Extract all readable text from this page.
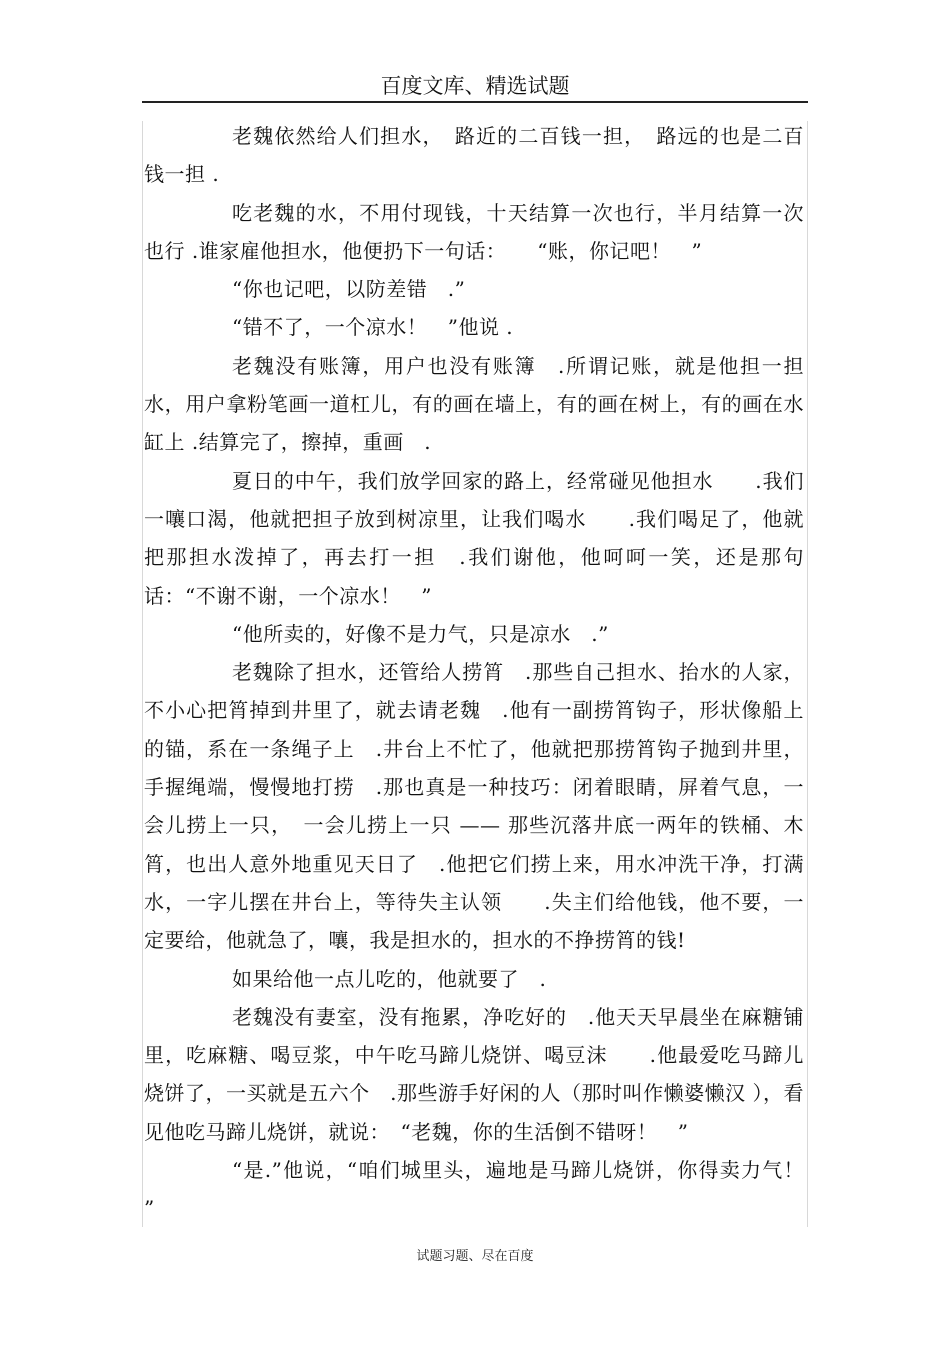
百度文库、精选试题

老魏依然给人们担水，　路近的二百钱一担，　路远的也是二百钱一担 .

吃老魏的水，不用付现钱，十天结算一次也行，半月结算一次也行 .谁家雇他担水，他便扔下一句话：　　“账，你记吧！　”

“你也记吧，以防差错　.”

“错不了，一个凉水！　”他说 .

老魏没有账簿，用户也没有账簿　.所谓记账，就是他担一担水，用户拿粉笔画一道杠儿，有的画在墙上，有的画在树上，有的画在水缸上 .结算完了，擦掉，重画　.

夏日的中午，我们放学回家的路上，经常碰见他担水　　.我们一嚷口渴，他就把担子放到树凉里，让我们喝水　　.我们喝足了，他就把那担水泼掉了，再去打一担　.我们谢他，他呵呵一笑，还是那句话：“不谢不谢，一个凉水！　”

“他所卖的，好像不是力气，只是凉水　.”

老魏除了担水，还管给人捞筲　.那些自己担水、抬水的人家，不小心把筲掉到井里了，就去请老魏　.他有一副捞筲钩子，形状像船上的锚，系在一条绳子上　.井台上不忙了，他就把那捞筲钩子抛到井里，手握绳端，慢慢地打捞　.那也真是一种技巧：闭着眼睛，屏着气息，一会儿捞上一只，　一会儿捞上一只 —— 那些沉落井底一两年的铁桶、木筲，也出人意外地重见天日了　.他把它们捞上来，用水冲洗干净，打满水，一字儿摆在井台上，等待失主认领　　.失主们给他钱，他不要，一定要给，他就急了，嚷，我是担水的，担水的不挣捞筲的钱!

如果给他一点儿吃的，他就要了　.

老魏没有妻室，没有拖累，净吃好的　.他天天早晨坐在麻糖铺里，吃麻糖、喝豆浆，中午吃马蹄儿烧饼、喝豆沫　　.他最爱吃马蹄儿烧饼了，一买就是五六个　.那些游手好闲的人（那时叫作懒婆懒汉 ），看见他吃马蹄儿烧饼，就说：　“老魏，你的生活倒不错呀！　”

“是.”他说，“咱们城里头，遍地是马蹄儿烧饼，你得卖力气！　”

试题习题、尽在百度
